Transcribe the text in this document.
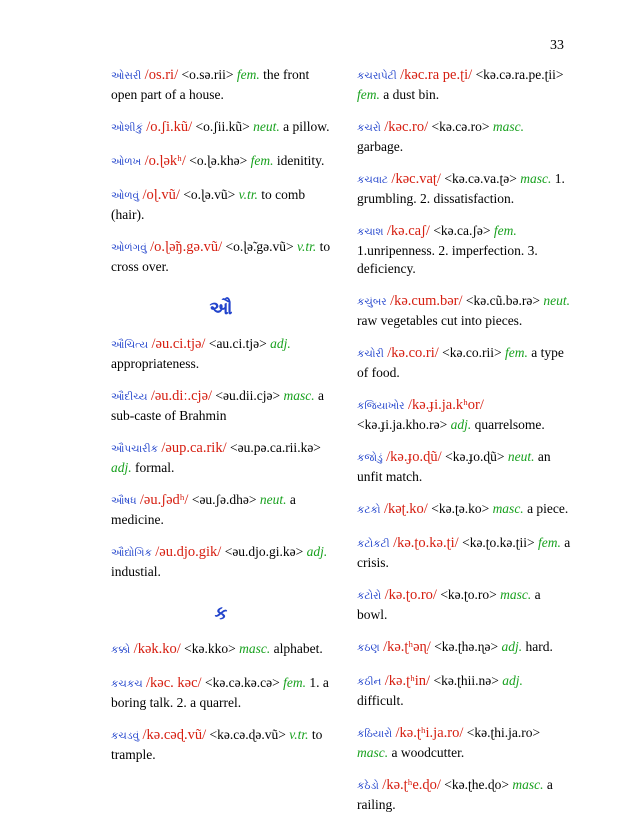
33
ઓસરી /os.ri/ <o.sə.rii> fem. the front open part of a house.
ઓશીકું /o.ʃi.kũ/ <o.ʃii.kũ> neut. a pillow.
ઓળખ /o.ɭəkʰ/ <o.ɭə.khə> fem. idenitity.
ઓળવું /oɭ.vũ/ <o.ɭə.vũ> v.tr. to comb (hair).
ઓળંગવું /o.ɭə̃ŋ.gə.vũ/ <o.ɭə̃.gə.vũ> v.tr. to cross over.
ઔ
ઔચિત્ય /əu.ci.tjə/ <au.ci.tjə> adj. appropriateness.
ઔદીચ્ય /əu.diː.cjə/ <əu.dii.cjə> masc. a sub-caste of Brahmin
ઔપચારીક /əup.ca.rik/ <əu.pə.ca.rii.kə> adj. formal.
ઔષધ /əu.ʃədʰ/ <əu.ʃə.dhə> neut. a medicine.
ઔદ્યોગિક /əu.djo.gik/ <əu.djo.gi.kə> adj. industial.
ક
કક્કો /kək.ko/ <kə.kko> masc. alphabet.
કચકચ /kəc. kəc/ <kə.cə.kə.cə> fem. 1. a boring talk. 2. a quarrel.
કચડવું /kə.cəɖ.vũ/ <kə.cə.ɖə.vũ> v.tr. to trample.
કચરાપેટી /kəc.ra pe.ʈi/ <kə.cə.ra.pe.ʈii> fem. a dust bin.
કચરો /kəc.ro/ <kə.cə.ro> masc. garbage.
કચવાટ /kəc.vaʈ/ <kə.cə.va.ʈə> masc. 1. grumbling. 2. dissatisfaction.
કચાશ /kə.caʃ/ <kə.ca.ʃə> fem. 1.unripenness. 2. imperfection. 3. deficiency.
કચુંબર /kə.cum.bər/ <kə.cũ.bə.rə> neut. raw vegetables cut into pieces.
કચોરી /kə.co.ri/ <kə.co.rii> fem. a type of food.
કજિયાખોર /kə.ɟi.ja.kʰor/ <kə.ɟi.ja.kho.rə> adj. quarrelsome.
કજોડું /kə.ɟo.ɖũ/ <kə.ɟo.ɖũ> neut. an unfit match.
કટકો /kəʈ.ko/ <kə.ʈə.ko> masc. a piece.
કટોકટી /kə.ʈo.kə.ʈi/ <kə.ʈo.kə.ʈii> fem. a crisis.
કટોરો /kə.ʈo.ro/ <kə.ʈo.ro> masc. a bowl.
કઠણ /kə.ʈʰəɳ/ <kə.ʈhə.ɳə> adj. hard.
કઠીન /kə.ʈʰin/ <kə.ʈhii.nə> adj. difficult.
કઠિયારો /kə.ʈʰi.ja.ro/ <kə.ʈhi.ja.ro> masc. a woodcutter.
કઠેડો /kə.ʈʰe.ɖo/ <kə.ʈhe.ɖo> masc. a railing.
